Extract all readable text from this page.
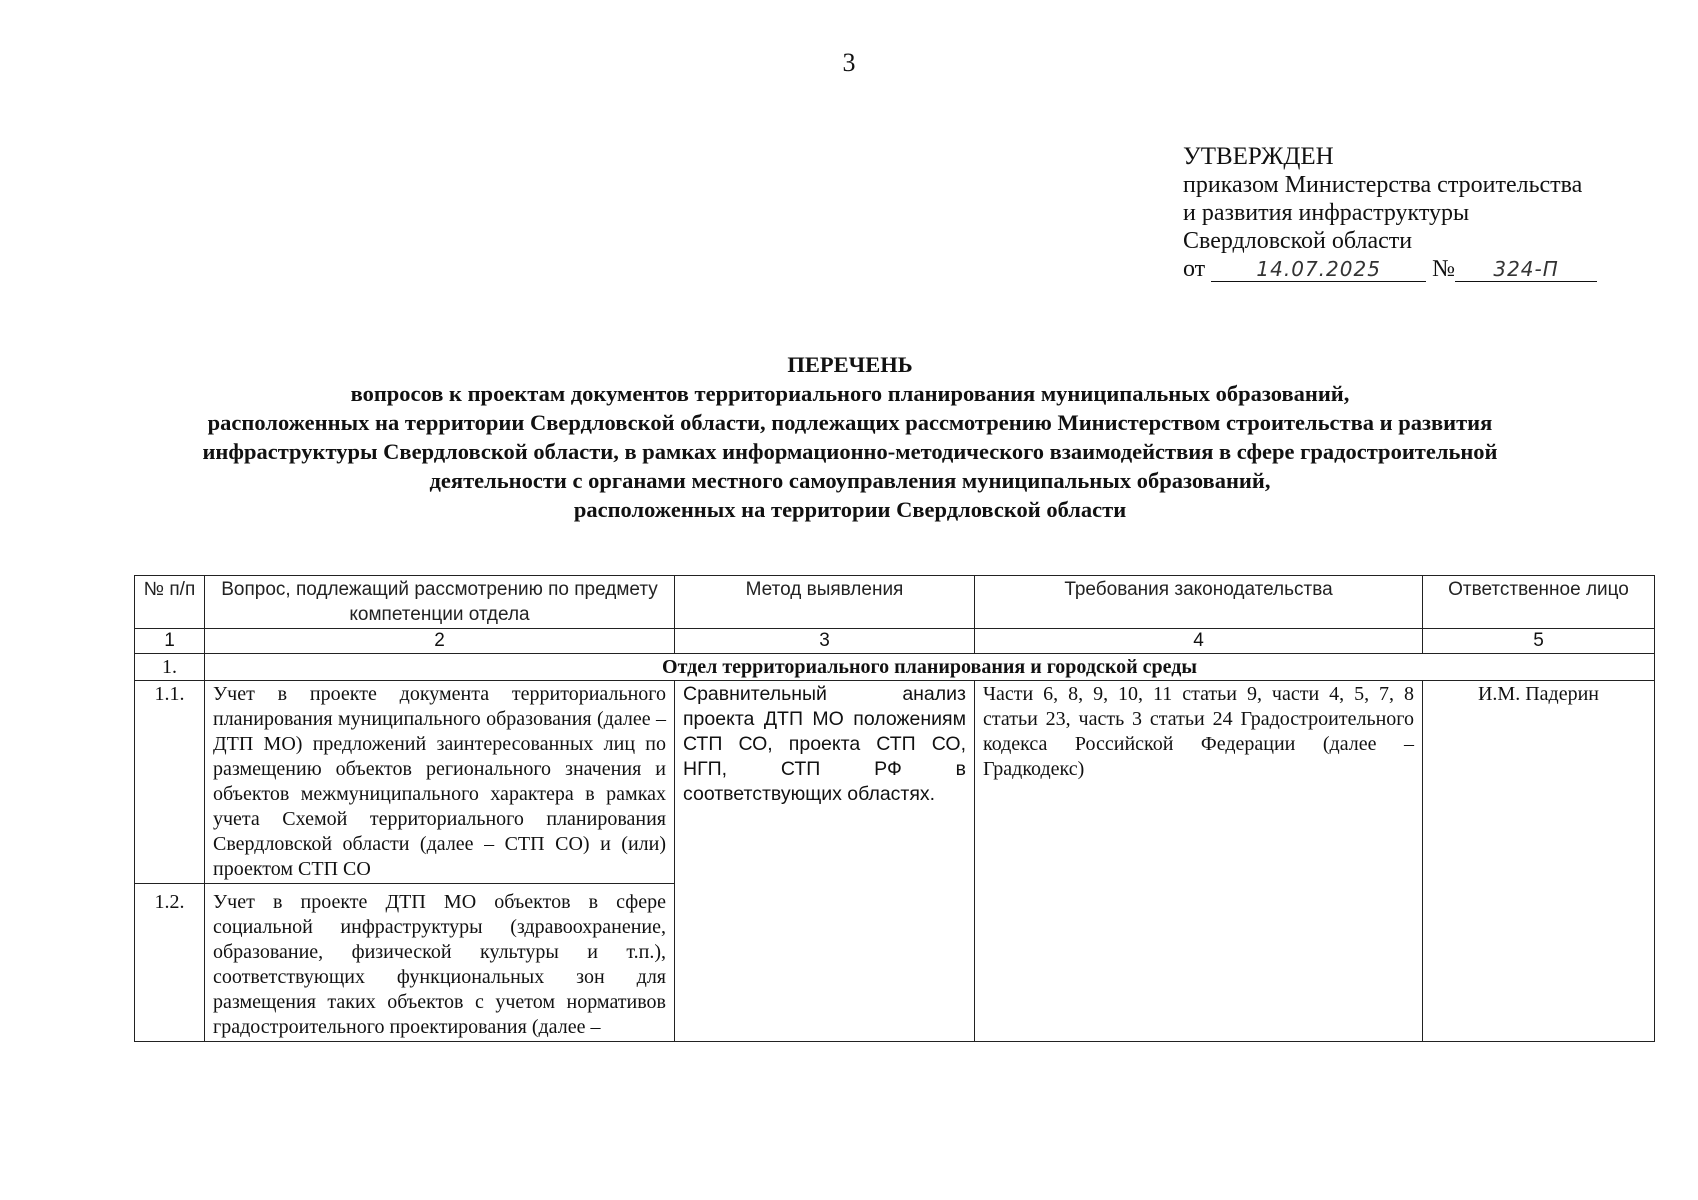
3
УТВЕРЖДЕН
приказом Министерства строительства
и развития инфраструктуры
Свердловской области
от	14.07.2025 № 324-П
ПЕРЕЧЕНЬ
вопросов к проектам документов территориального планирования муниципальных образований,
расположенных на территории Свердловской области, подлежащих рассмотрению Министерством строительства и развития
инфраструктуры Свердловской области, в рамках информационно-методического взаимодействия в сфере градостроительной
деятельности с органами местного самоуправления муниципальных образований,
расположенных на территории Свердловской области
№ п/п	Вопрос, подлежащий рассмотрению по предмету компетенции отдела	Метод выявления	Требования законодательства	Ответственное лицо
1	2	3	4	5
1.	Отдел территориального планирования и городской среды			
1.1.	Учет в проекте документа территориального планирования муниципального образования (далее – ДТП МО) предложений заинтересованных лиц по размещению объектов регионального значения и объектов межмуниципального характера в рамках учета Схемой территориального планирования Свердловской области (далее – СТП СО) и (или) проектом СТП СО	Сравнительный анализ проекта ДТП МО положениям СТП СО, проекта СТП СО, НГП, СТП РФ в соответствующих областях.	Части 6, 8, 9, 10, 11 статьи 9, части 4, 5, 7, 8 статьи 23, часть 3 статьи 24 Градостроительного кодекса Российской Федерации (далее – Градкодекс)	И.М. Падерин
1.2.	Учет в проекте ДТП МО объектов в сфере социальной инфраструктуры (здравоохранение, образование, физической культуры и т.п.), соответствующих функциональных зон для размещения таких объектов с учетом нормативов градостроительного проектирования (далее –			
